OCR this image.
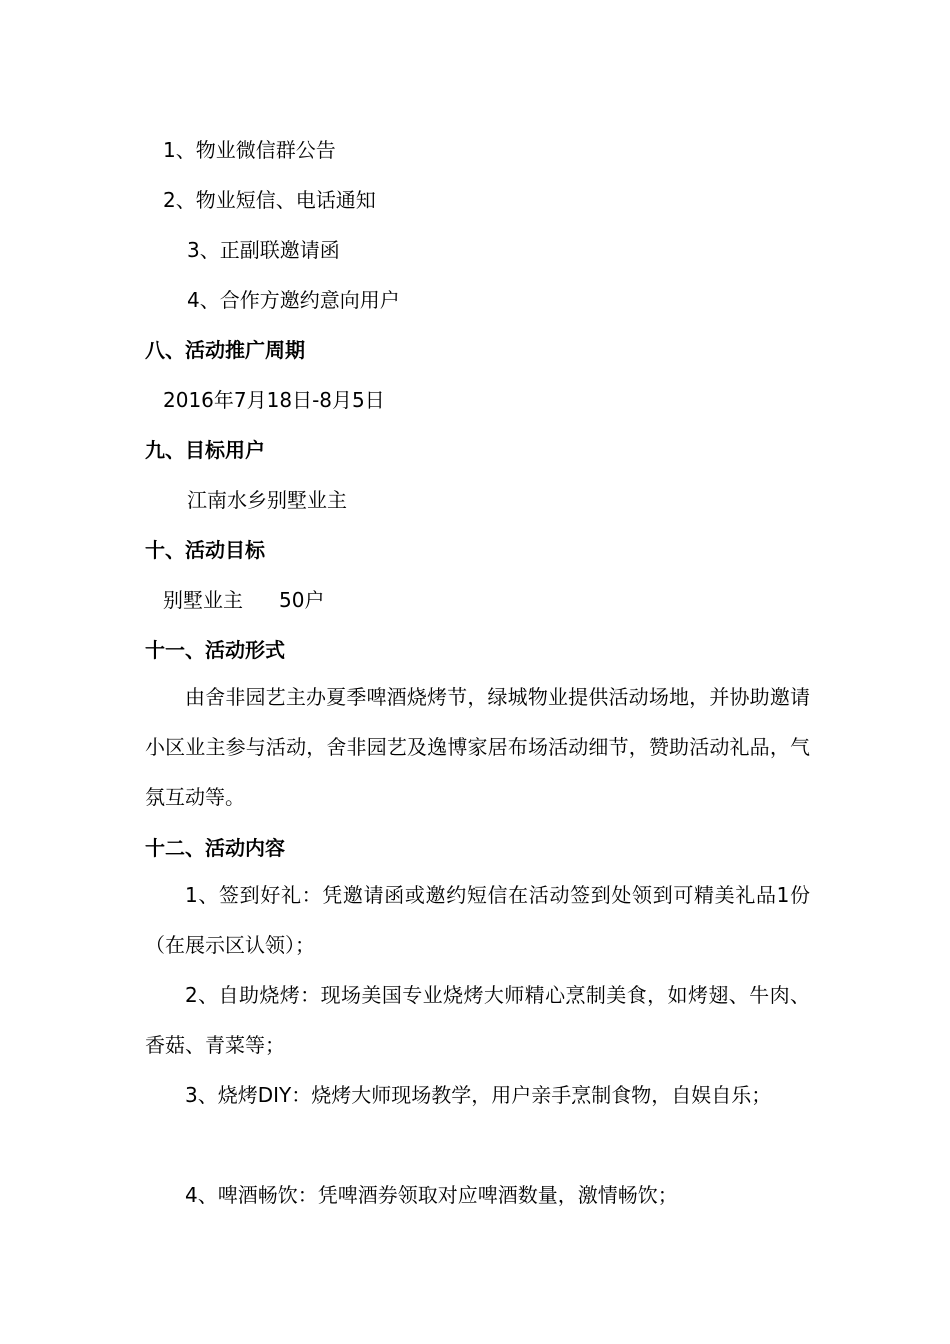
1、物业微信群公告
2、物业短信、电话通知
3、正副联邀请函
4、合作方邀约意向用户
八、活动推广周期
2016年7月18日-8月5日
九、目标用户
江南水乡别墅业主
十、活动目标
别墅业主 50户
十一、活动形式
由舍非园艺主办夏季啤酒烧烤节，绿城物业提供活动场地，并协助邀请小区业主参与活动，舍非园艺及逸博家居布场活动细节，赞助活动礼品，气氛互动等。
十二、活动内容
1、签到好礼：凭邀请函或邀约短信在活动签到处领到可精美礼品1份（在展示区认领）；
2、自助烧烤：现场美国专业烧烤大师精心烹制美食，如烤翅、牛肉、香菇、青菜等；
3、烧烤DIY：烧烤大师现场教学，用户亲手烹制食物，自娱自乐；
4、啤酒畅饮：凭啤酒券领取对应啤酒数量，激情畅饮；
